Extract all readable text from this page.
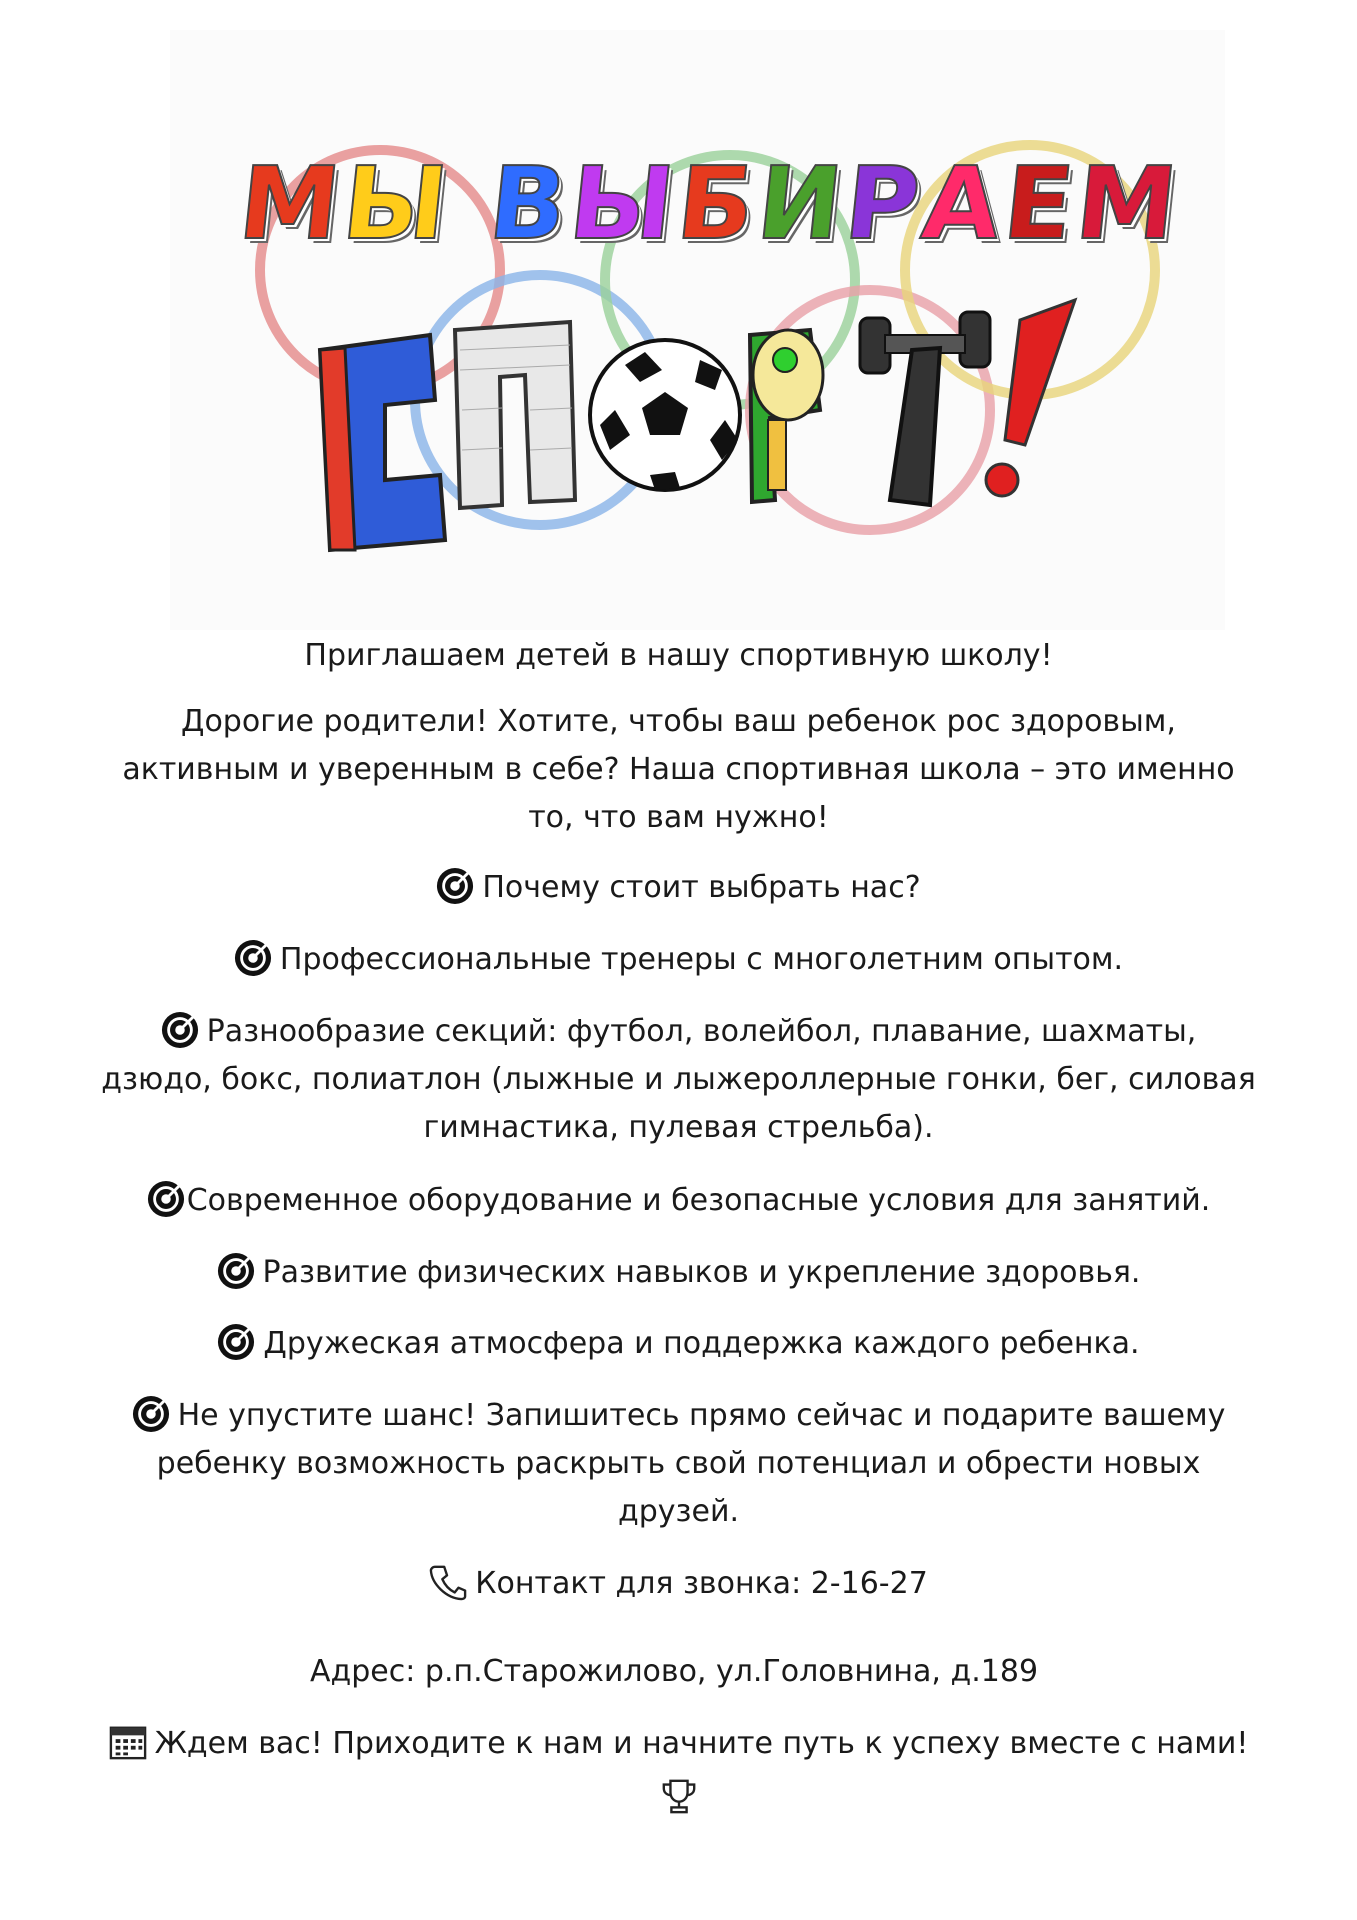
МЫ ВЫБИРАЕМ
Приглашаем детей в нашу спортивную школу!
Дорогие родители! Хотите, чтобы ваш ребенок рос здоровым,
активным и уверенным в себе? Наша спортивная школа – это именно
то, что вам нужно!
Почему стоит выбрать нас?
Профессиональные тренеры с многолетним опытом.
Разнообразие секций: футбол, волейбол, плавание, шахматы,
дзюдо, бокс, полиатлон (лыжные и лыжероллерные гонки, бег, силовая
гимнастика, пулевая стрельба).
Современное оборудование и безопасные условия для занятий.
Развитие физических навыков и укрепление здоровья.
Дружеская атмосфера и поддержка каждого ребенка.
Не упустите шанс! Запишитесь прямо сейчас и подарите вашему
ребенку возможность раскрыть свой потенциал и обрести новых
друзей.
Контакт для звонка: 2-16-27
Адрес: р.п.Старожилово, ул.Головнина, д.189
Ждем вас! Приходите к нам и начните путь к успеху вместе с нами!
